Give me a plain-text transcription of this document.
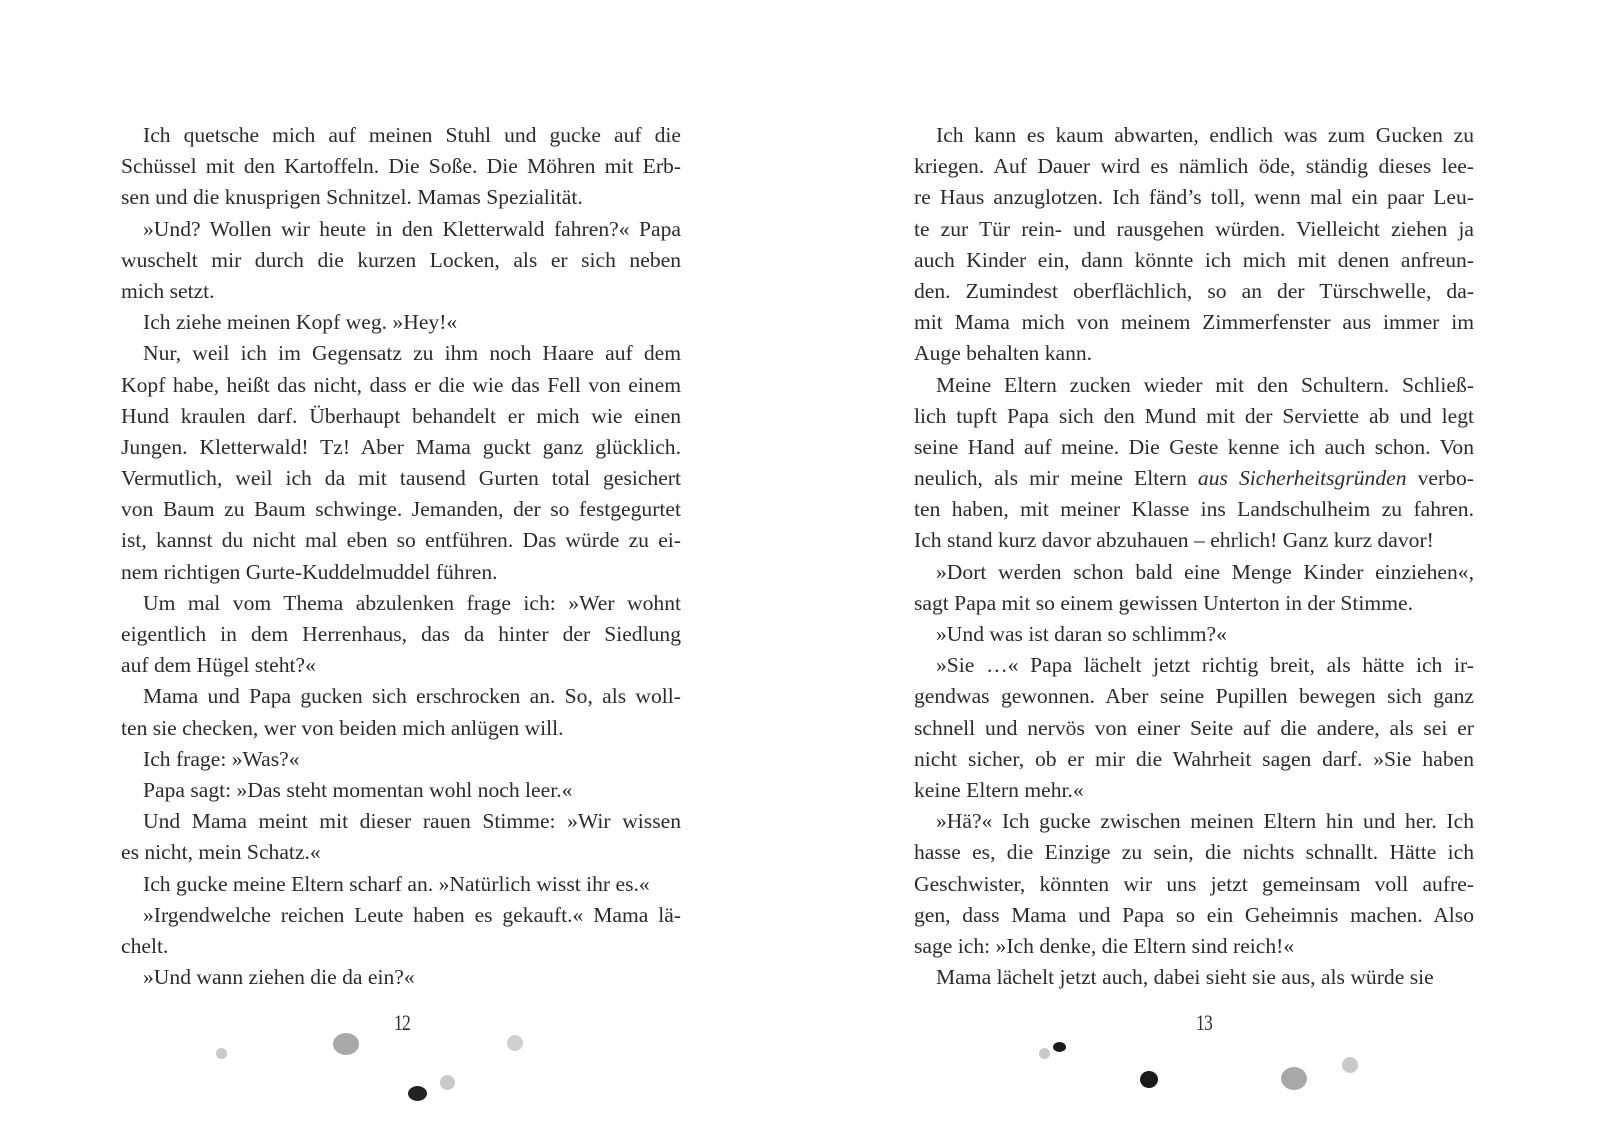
Ich quetsche mich auf meinen Stuhl und gucke auf die
Schüssel mit den Kartoffeln. Die Soße. Die Möhren mit Erb-
sen und die knusprigen Schnitzel. Mamas Spezialität.
»Und? Wollen wir heute in den Kletterwald fahren?« Papa
wuschelt mir durch die kurzen Locken, als er sich neben
mich setzt.
Ich ziehe meinen Kopf weg. »Hey!«
Nur, weil ich im Gegensatz zu ihm noch Haare auf dem
Kopf habe, heißt das nicht, dass er die wie das Fell von einem
Hund kraulen darf. Überhaupt behandelt er mich wie einen
Jungen. Kletterwald! Tz! Aber Mama guckt ganz glücklich.
Vermutlich, weil ich da mit tausend Gurten total gesichert
von Baum zu Baum schwinge. Jemanden, der so festgegurtet
ist, kannst du nicht mal eben so entführen. Das würde zu ei-
nem richtigen Gurte-Kuddelmuddel führen.
Um mal vom Thema abzulenken frage ich: »Wer wohnt
eigentlich in dem Herrenhaus, das da hinter der Siedlung
auf dem Hügel steht?«
Mama und Papa gucken sich erschrocken an. So, als woll-
ten sie checken, wer von beiden mich anlügen will.
Ich frage: »Was?«
Papa sagt: »Das steht momentan wohl noch leer.«
Und Mama meint mit dieser rauen Stimme: »Wir wissen
es nicht, mein Schatz.«
Ich gucke meine Eltern scharf an. »Natürlich wisst ihr es.«
»Irgendwelche reichen Leute haben es gekauft.« Mama lä-
chelt.
»Und wann ziehen die da ein?«
12
Ich kann es kaum abwarten, endlich was zum Gucken zu
kriegen. Auf Dauer wird es nämlich öde, ständig dieses lee-
re Haus anzuglotzen. Ich fänd’s toll, wenn mal ein paar Leu-
te zur Tür rein- und rausgehen würden. Vielleicht ziehen ja
auch Kinder ein, dann könnte ich mich mit denen anfreun-
den. Zumindest oberflächlich, so an der Türschwelle, da-
mit Mama mich von meinem Zimmerfenster aus immer im
Auge behalten kann.
Meine Eltern zucken wieder mit den Schultern. Schließ-
lich tupft Papa sich den Mund mit der Serviette ab und legt
seine Hand auf meine. Die Geste kenne ich auch schon. Von
neulich, als mir meine Eltern aus Sicherheitsgründen verbo-
ten haben, mit meiner Klasse ins Landschulheim zu fahren.
Ich stand kurz davor abzuhauen – ehrlich! Ganz kurz davor!
»Dort werden schon bald eine Menge Kinder einziehen«,
sagt Papa mit so einem gewissen Unterton in der Stimme.
»Und was ist daran so schlimm?«
»Sie …« Papa lächelt jetzt richtig breit, als hätte ich ir-
gendwas gewonnen. Aber seine Pupillen bewegen sich ganz
schnell und nervös von einer Seite auf die andere, als sei er
nicht sicher, ob er mir die Wahrheit sagen darf. »Sie haben
keine Eltern mehr.«
»Hä?« Ich gucke zwischen meinen Eltern hin und her. Ich
hasse es, die Einzige zu sein, die nichts schnallt. Hätte ich
Geschwister, könnten wir uns jetzt gemeinsam voll aufre-
gen, dass Mama und Papa so ein Geheimnis machen. Also
sage ich: »Ich denke, die Eltern sind reich!«
Mama lächelt jetzt auch, dabei sieht sie aus, als würde sie
13
